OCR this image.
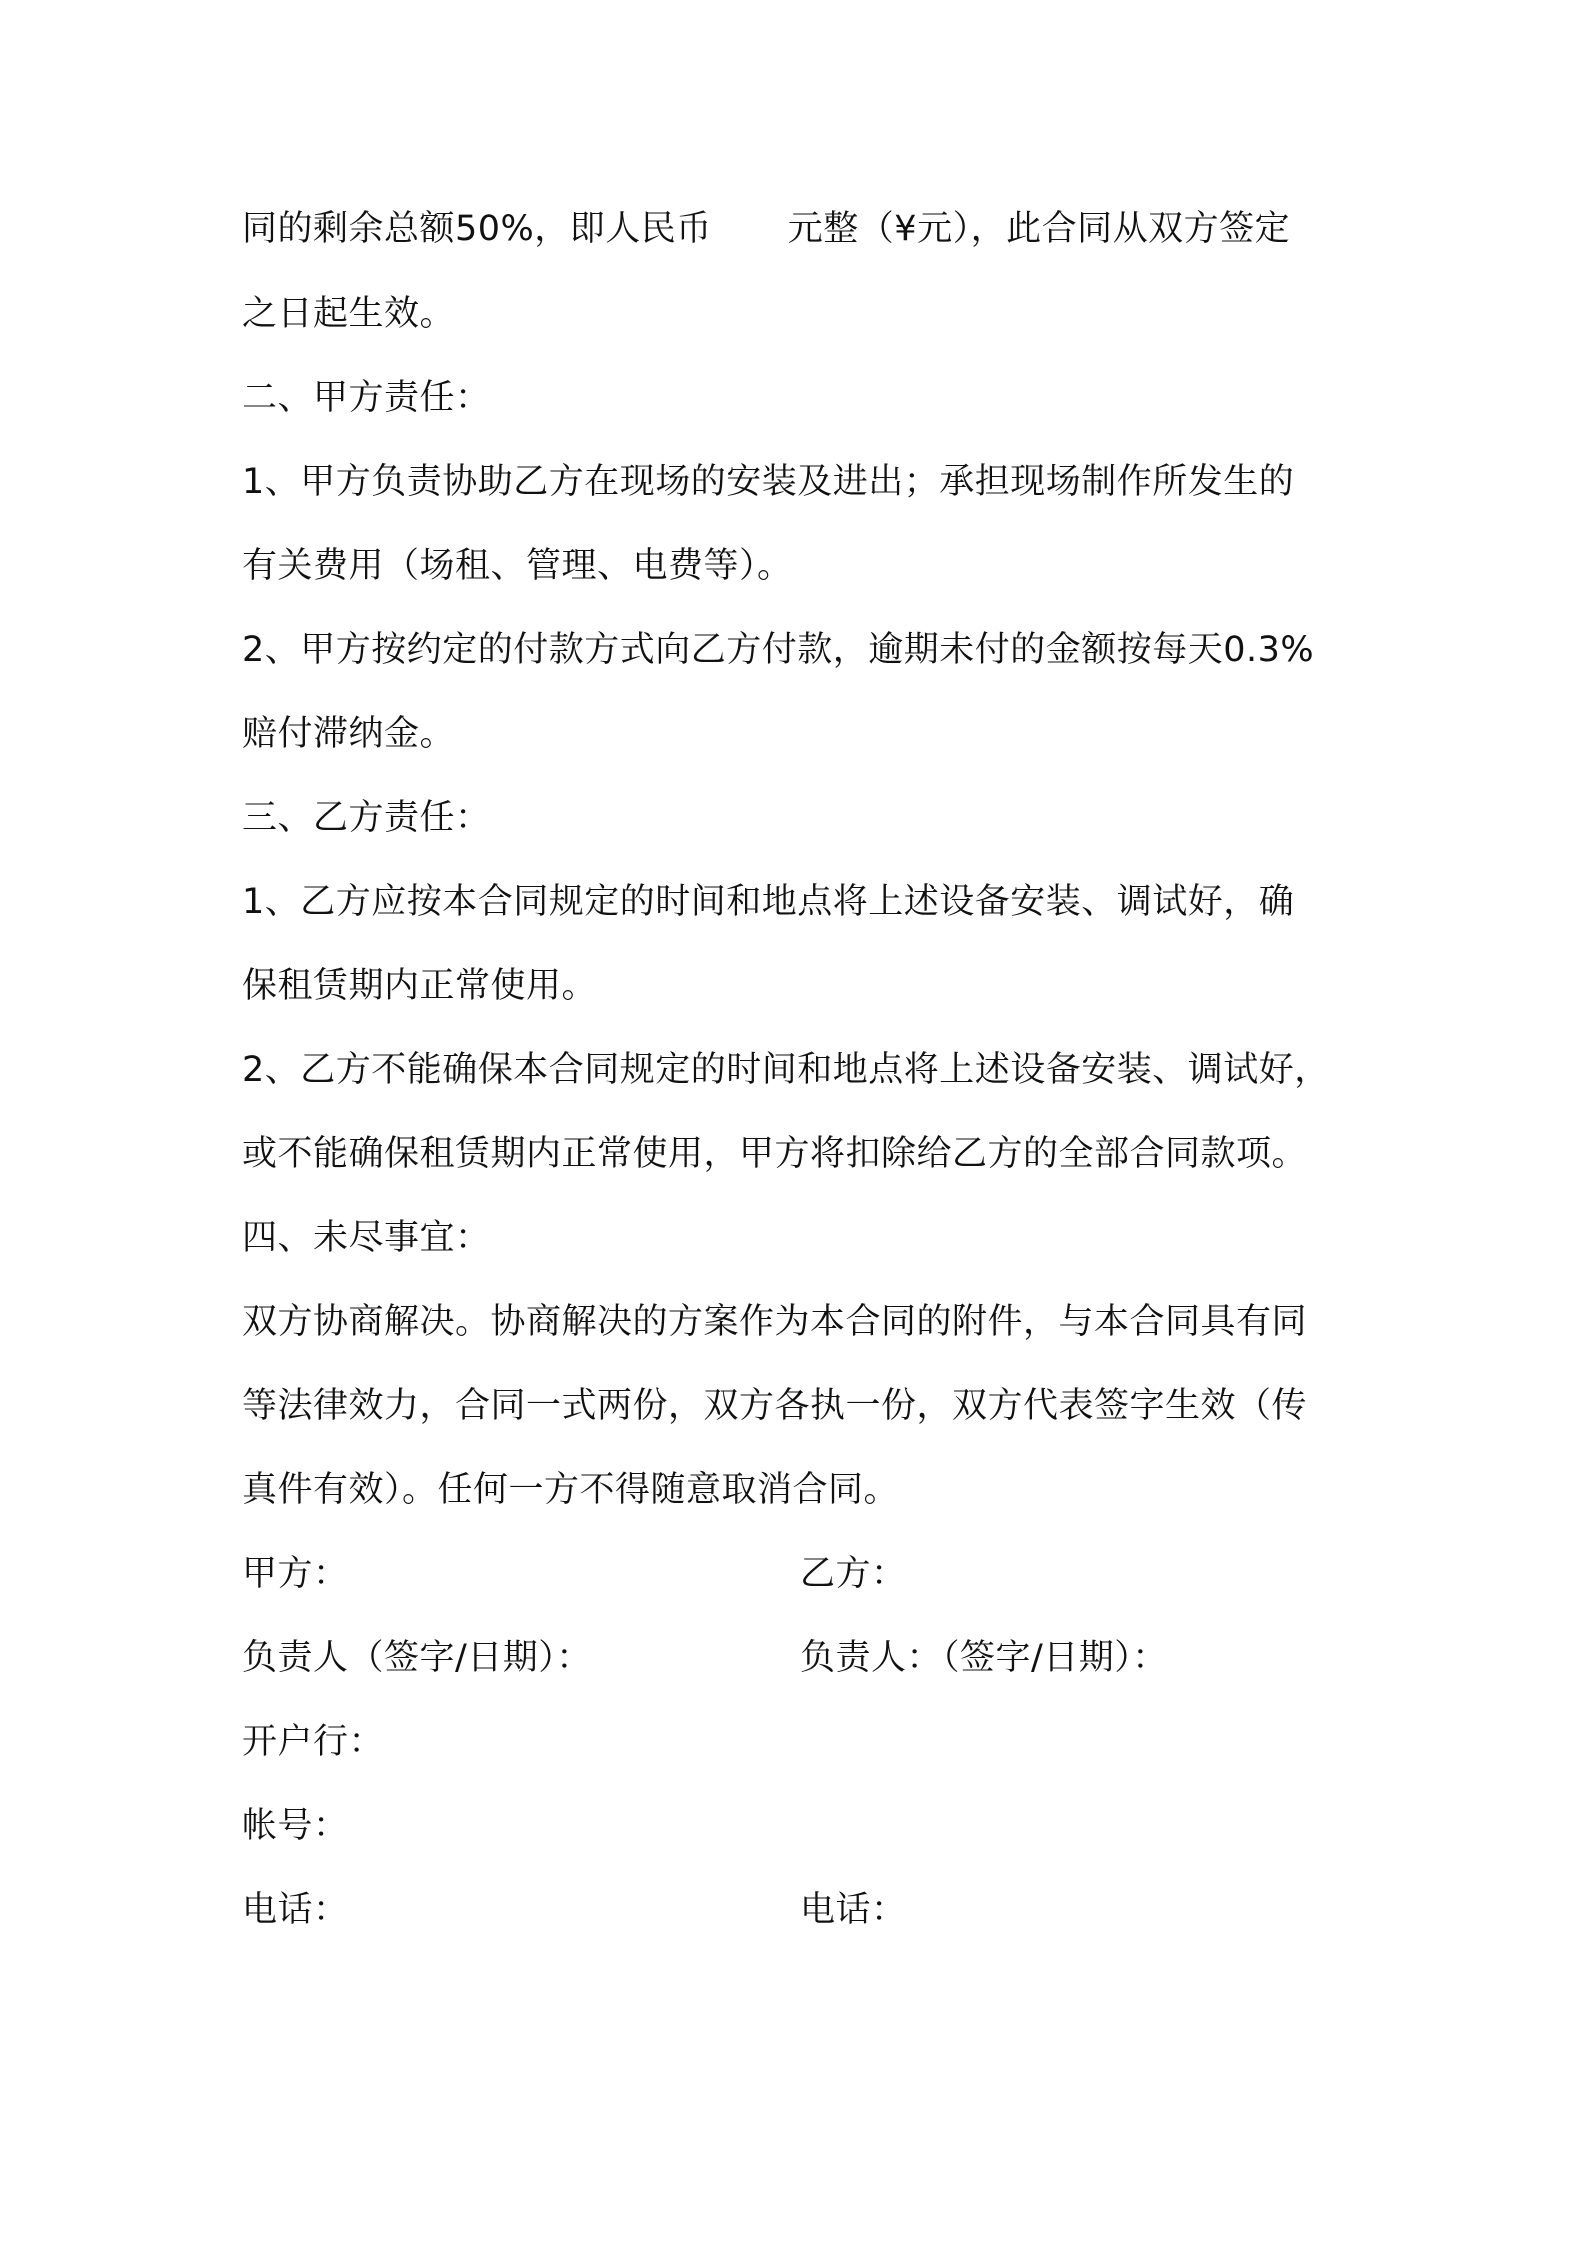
同的剩余总额50%，即人民币 元整（¥元），此合同从双方签定
之日起生效。
二、甲方责任：
1、甲方负责协助乙方在现场的安装及进出；承担现场制作所发生的
有关费用（场租、管理、电费等）。
2、甲方按约定的付款方式向乙方付款，逾期未付的金额按每天0.3%
赔付滞纳金。
三、乙方责任：
1、乙方应按本合同规定的时间和地点将上述设备安装、调试好，确
保租赁期内正常使用。
2、乙方不能确保本合同规定的时间和地点将上述设备安装、调试好，
或不能确保租赁期内正常使用，甲方将扣除给乙方的全部合同款项。
四、未尽事宜：
双方协商解决。协商解决的方案作为本合同的附件，与本合同具有同
等法律效力，合同一式两份，双方各执一份，双方代表签字生效（传
真件有效）。任何一方不得随意取消合同。
甲方：	乙方：
负责人（签字/日期）：	负责人：（签字/日期）：
开户行：
帐号：
电话：	电话：
